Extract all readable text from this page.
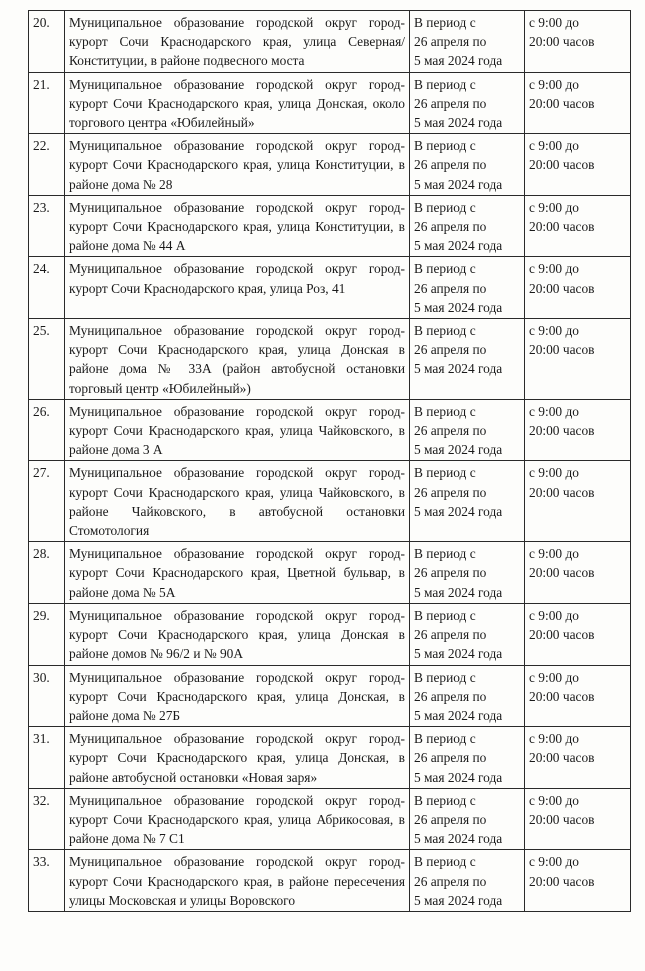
20.	Муниципальное образование городской округ город-курорт Сочи Краснодарского края, улица Северная/Конституции, в районе подвесного моста	В период с
26 апреля по
5 мая 2024 года	с 9:00 до
20:00 часов
21.	Муниципальное образование городской округ город-курорт Сочи Краснодарского края, улица Донская, около торгового центра «Юбилейный»	В период с
26 апреля по
5 мая 2024 года	с 9:00 до
20:00 часов
22.	Муниципальное образование городской округ город-курорт Сочи Краснодарского края, улица Конституции, в районе дома № 28	В период с
26 апреля по
5 мая 2024 года	с 9:00 до
20:00 часов
23.	Муниципальное образование городской округ город-курорт Сочи Краснодарского края, улица Конституции, в районе дома № 44 А	В период с
26 апреля по
5 мая 2024 года	с 9:00 до
20:00 часов
24.	Муниципальное образование городской округ город-курорт Сочи Краснодарского края, улица Роз, 41	В период с
26 апреля по
5 мая 2024 года	с 9:00 до
20:00 часов
25.	Муниципальное образование городской округ город-курорт Сочи Краснодарского края, улица Донская в районе дома № 33А (район автобусной остановки торговый центр «Юбилейный»)	В период с
26 апреля по
5 мая 2024 года	с 9:00 до
20:00 часов
26.	Муниципальное образование городской округ город-курорт Сочи Краснодарского края, улица Чайковского, в районе дома 3 А	В период с
26 апреля по
5 мая 2024 года	с 9:00 до
20:00 часов
27.	Муниципальное образование городской округ город-курорт Сочи Краснодарского края, улица Чайковского, в районе Чайковского, в автобусной остановки Стомотология	В период с
26 апреля по
5 мая 2024 года	с 9:00 до
20:00 часов
28.	Муниципальное образование городской округ город-курорт Сочи Краснодарского края, Цветной бульвар, в районе дома № 5А	В период с
26 апреля по
5 мая 2024 года	с 9:00 до
20:00 часов
29.	Муниципальное образование городской округ город-курорт Сочи Краснодарского края, улица Донская в районе домов № 96/2 и № 90А	В период с
26 апреля по
5 мая 2024 года	с 9:00 до
20:00 часов
30.	Муниципальное образование городской округ город-курорт Сочи Краснодарского края, улица Донская, в районе дома № 27Б	В период с
26 апреля по
5 мая 2024 года	с 9:00 до
20:00 часов
31.	Муниципальное образование городской округ город-курорт Сочи Краснодарского края, улица Донская, в районе автобусной остановки «Новая заря»	В период с
26 апреля по
5 мая 2024 года	с 9:00 до
20:00 часов
32.	Муниципальное образование городской округ город-курорт Сочи Краснодарского края, улица Абрикосовая, в районе дома № 7 С1	В период с
26 апреля по
5 мая 2024 года	с 9:00 до
20:00 часов
33.	Муниципальное образование городской округ город-курорт Сочи Краснодарского края, в районе пересечения улицы Московская и улицы Воровского	В период с
26 апреля по
5 мая 2024 года	с 9:00 до
20:00 часов
